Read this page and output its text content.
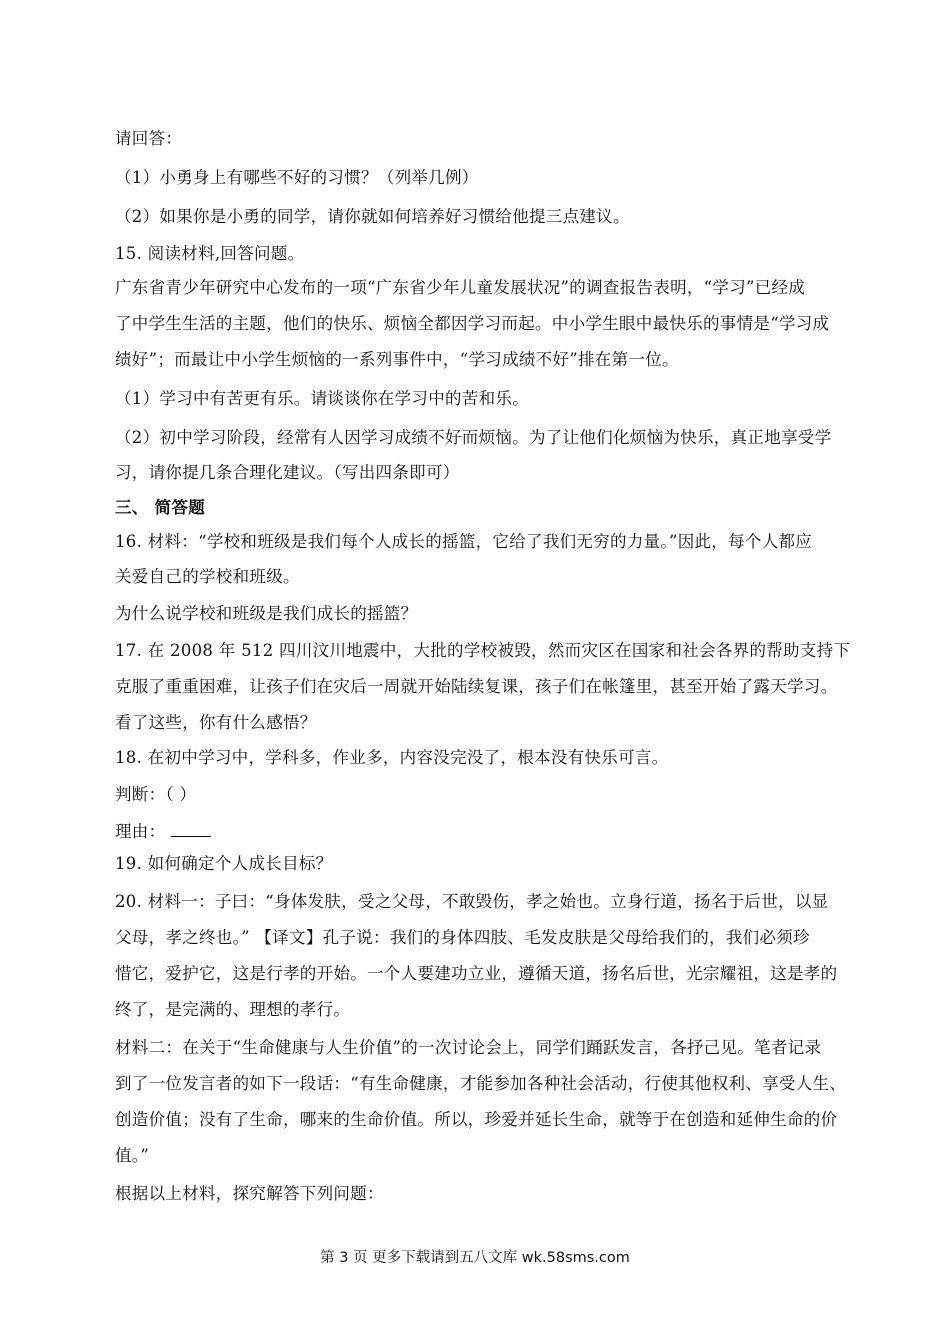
请回答：
（1）小勇身上有哪些不好的习惯？（列举几例）
（2）如果你是小勇的同学，请你就如何培养好习惯给他提三点建议。
15. 阅读材料,回答问题。
广东省青少年研究中心发布的一项“广东省少年儿童发展状况”的调查报告表明，“学习”已经成
了中学生生活的主题，他们的快乐、烦恼全都因学习而起。中小学生眼中最快乐的事情是“学习成
绩好”；而最让中小学生烦恼的一系列事件中，“学习成绩不好”排在第一位。
（1）学习中有苦更有乐。请谈谈你在学习中的苦和乐。
（2）初中学习阶段，经常有人因学习成绩不好而烦恼。为了让他们化烦恼为快乐，真正地享受学
习，请你提几条合理化建议。（写出四条即可）
三、 简答题
16. 材料：“学校和班级是我们每个人成长的摇篮，它给了我们无穷的力量。”因此，每个人都应
关爱自己的学校和班级。
为什么说学校和班级是我们成长的摇篮？
17. 在 2008 年 512 四川汶川地震中，大批的学校被毁，然而灾区在国家和社会各界的帮助支持下
克服了重重困难，让孩子们在灾后一周就开始陆续复课，孩子们在帐篷里，甚至开始了露天学习。
看了这些，你有什么感悟？
18. 在初中学习中，学科多，作业多，内容没完没了，根本没有快乐可言。
判断：（ ）
理由：
19. 如何确定个人成长目标？
20. 材料一：子曰：“身体发肤，受之父母，不敢毁伤，孝之始也。立身行道，扬名于后世，以显
父母，孝之终也。” 【译文】孔子说：我们的身体四肢、毛发皮肤是父母给我们的，我们必须珍
惜它，爱护它，这是行孝的开始。一个人要建功立业，遵循天道，扬名后世，光宗耀祖，这是孝的
终了，是完满的、理想的孝行。
材料二：在关于“生命健康与人生价值”的一次讨论会上，同学们踊跃发言，各抒己见。笔者记录
到了一位发言者的如下一段话：“有生命健康，才能参加各种社会活动，行使其他权利、享受人生、
创造价值；没有了生命，哪来的生命价值。所以，珍爱并延长生命，就等于在创造和延伸生命的价
值。”
根据以上材料，探究解答下列问题：
第 3 页 更多下载请到五八文库 wk.58sms.com
